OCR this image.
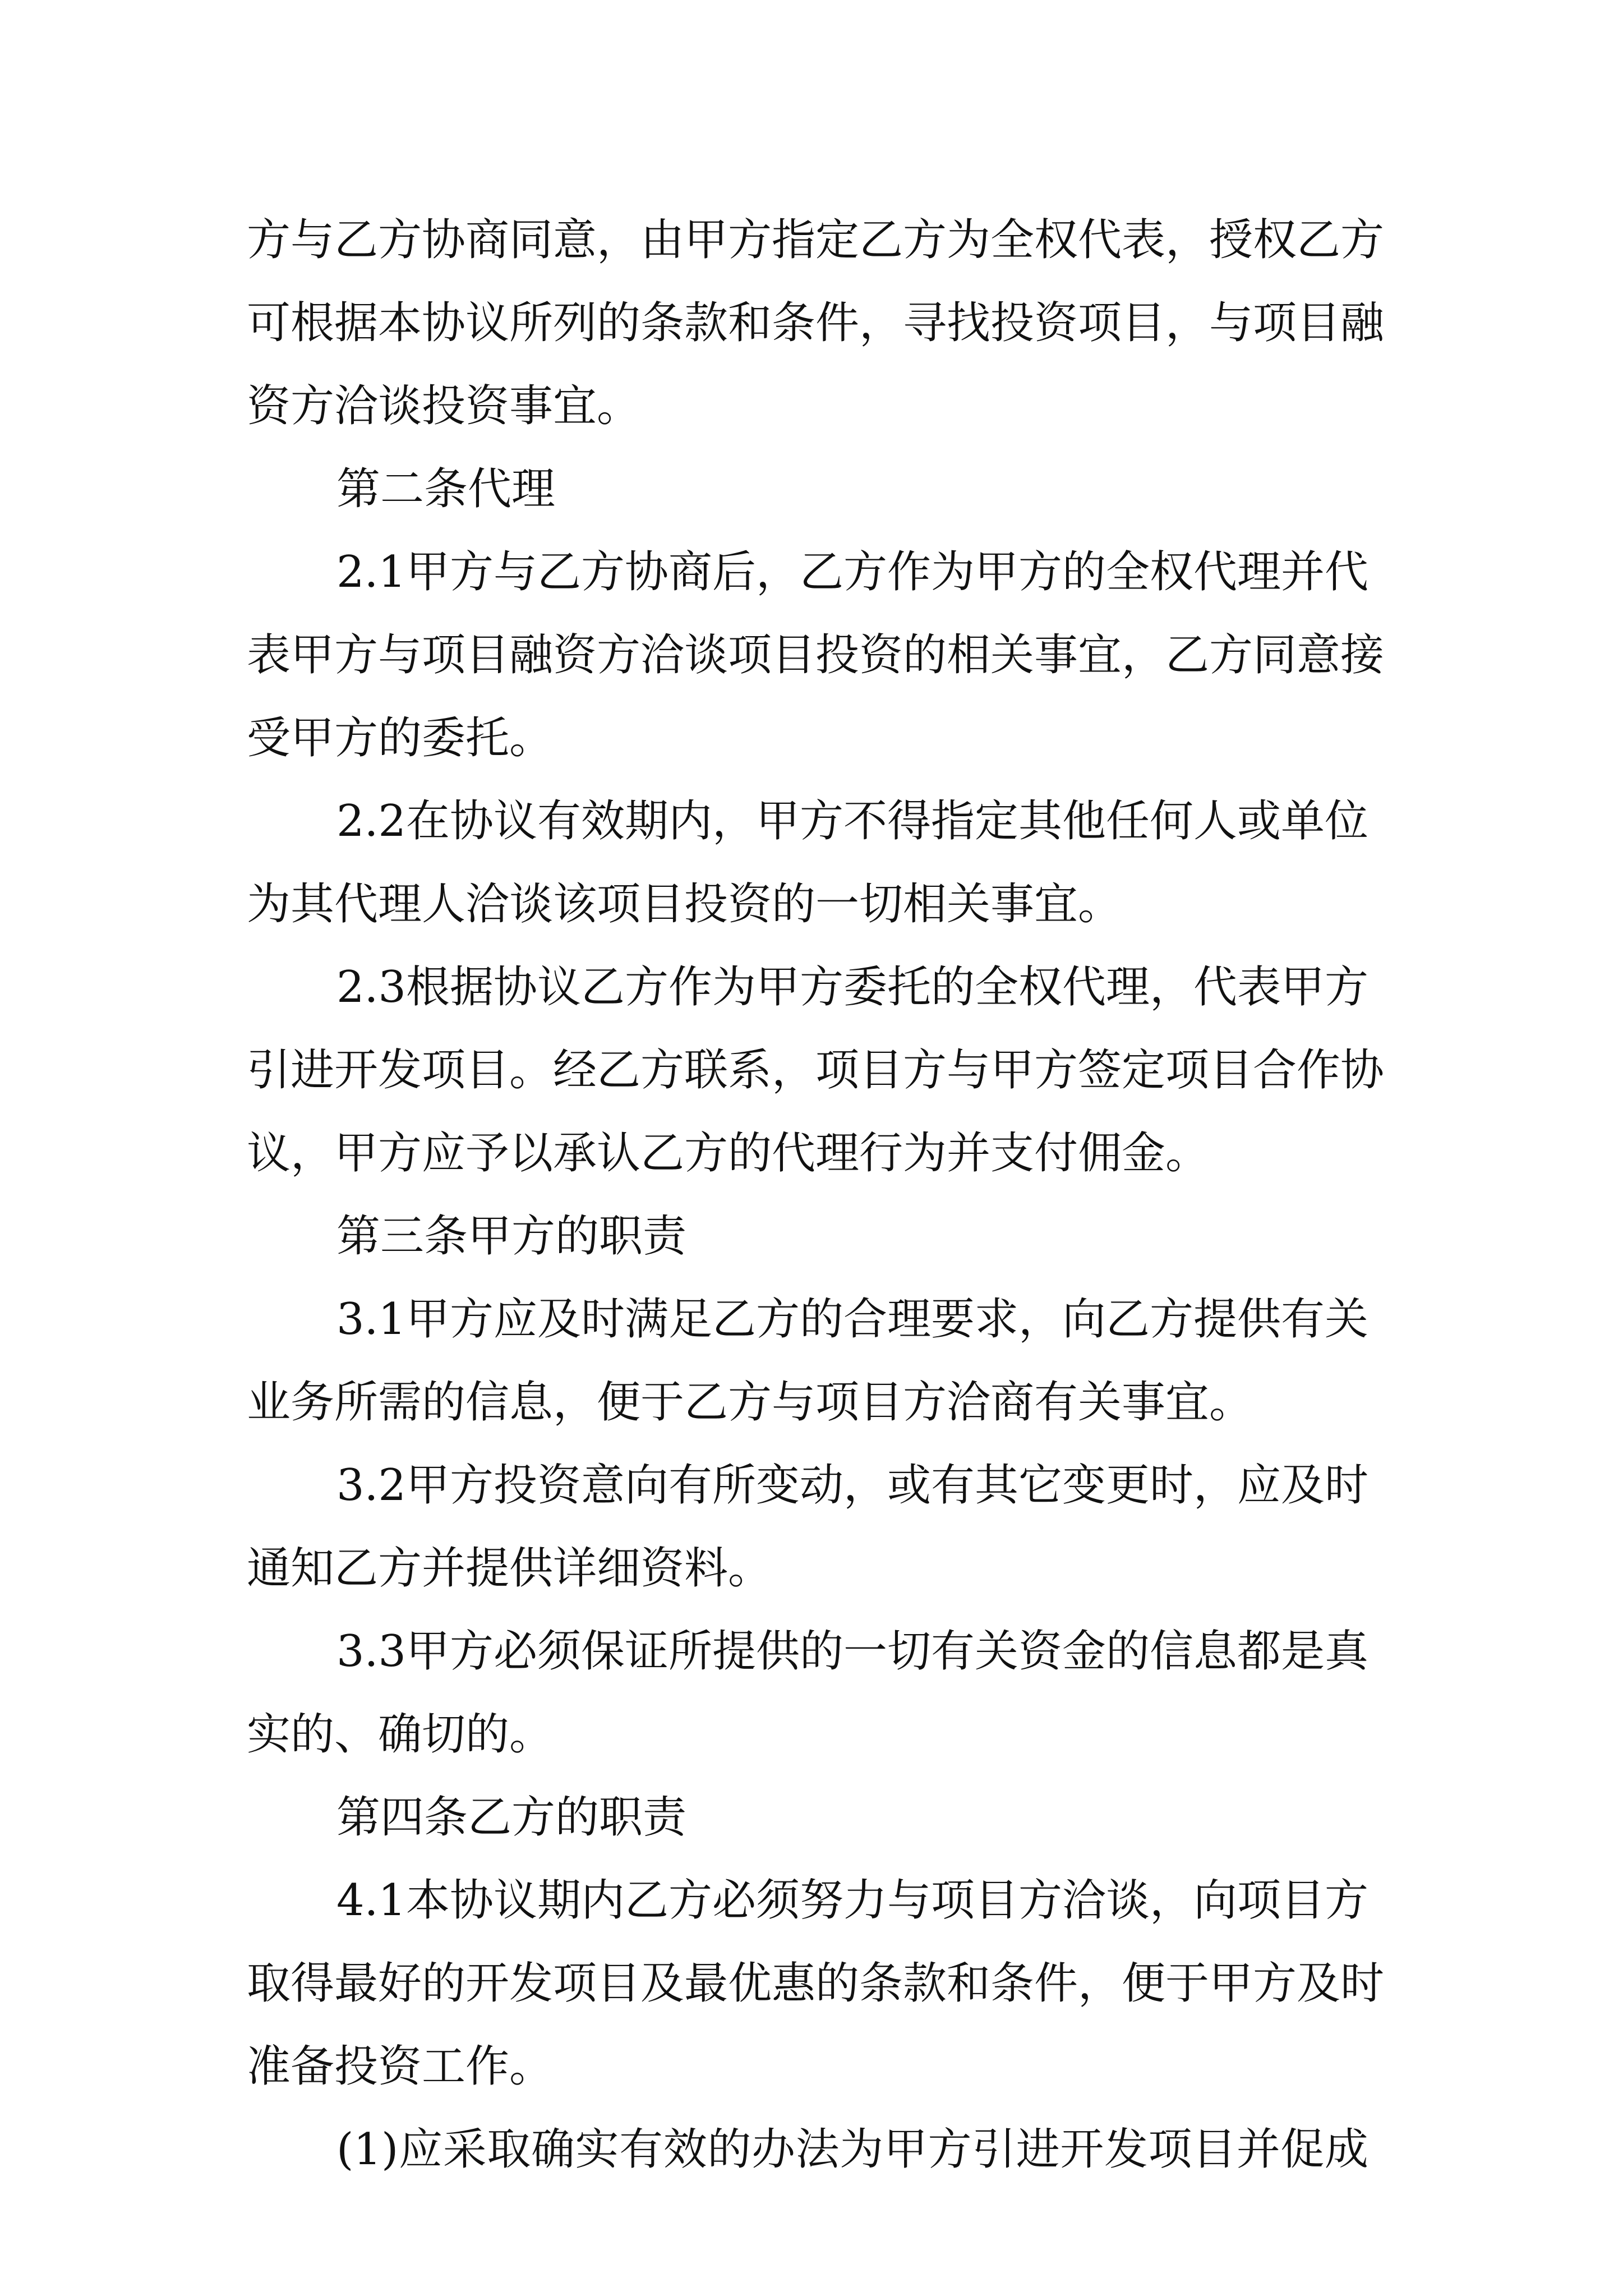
方与乙方协商同意，由甲方指定乙方为全权代表，授权乙方
可根据本协议所列的条款和条件，寻找投资项目，与项目融
资方洽谈投资事宜。
第二条代理
2.1甲方与乙方协商后，乙方作为甲方的全权代理并代
表甲方与项目融资方洽谈项目投资的相关事宜，乙方同意接
受甲方的委托。
2.2在协议有效期内，甲方不得指定其他任何人或单位
为其代理人洽谈该项目投资的一切相关事宜。
2.3根据协议乙方作为甲方委托的全权代理，代表甲方
引进开发项目。经乙方联系，项目方与甲方签定项目合作协
议，甲方应予以承认乙方的代理行为并支付佣金。
第三条甲方的职责
3.1甲方应及时满足乙方的合理要求，向乙方提供有关
业务所需的信息，便于乙方与项目方洽商有关事宜。
3.2甲方投资意向有所变动，或有其它变更时，应及时
通知乙方并提供详细资料。
3.3甲方必须保证所提供的一切有关资金的信息都是真
实的、确切的。
第四条乙方的职责
4.1本协议期内乙方必须努力与项目方洽谈，向项目方
取得最好的开发项目及最优惠的条款和条件，便于甲方及时
准备投资工作。
(1)应采取确实有效的办法为甲方引进开发项目并促成
